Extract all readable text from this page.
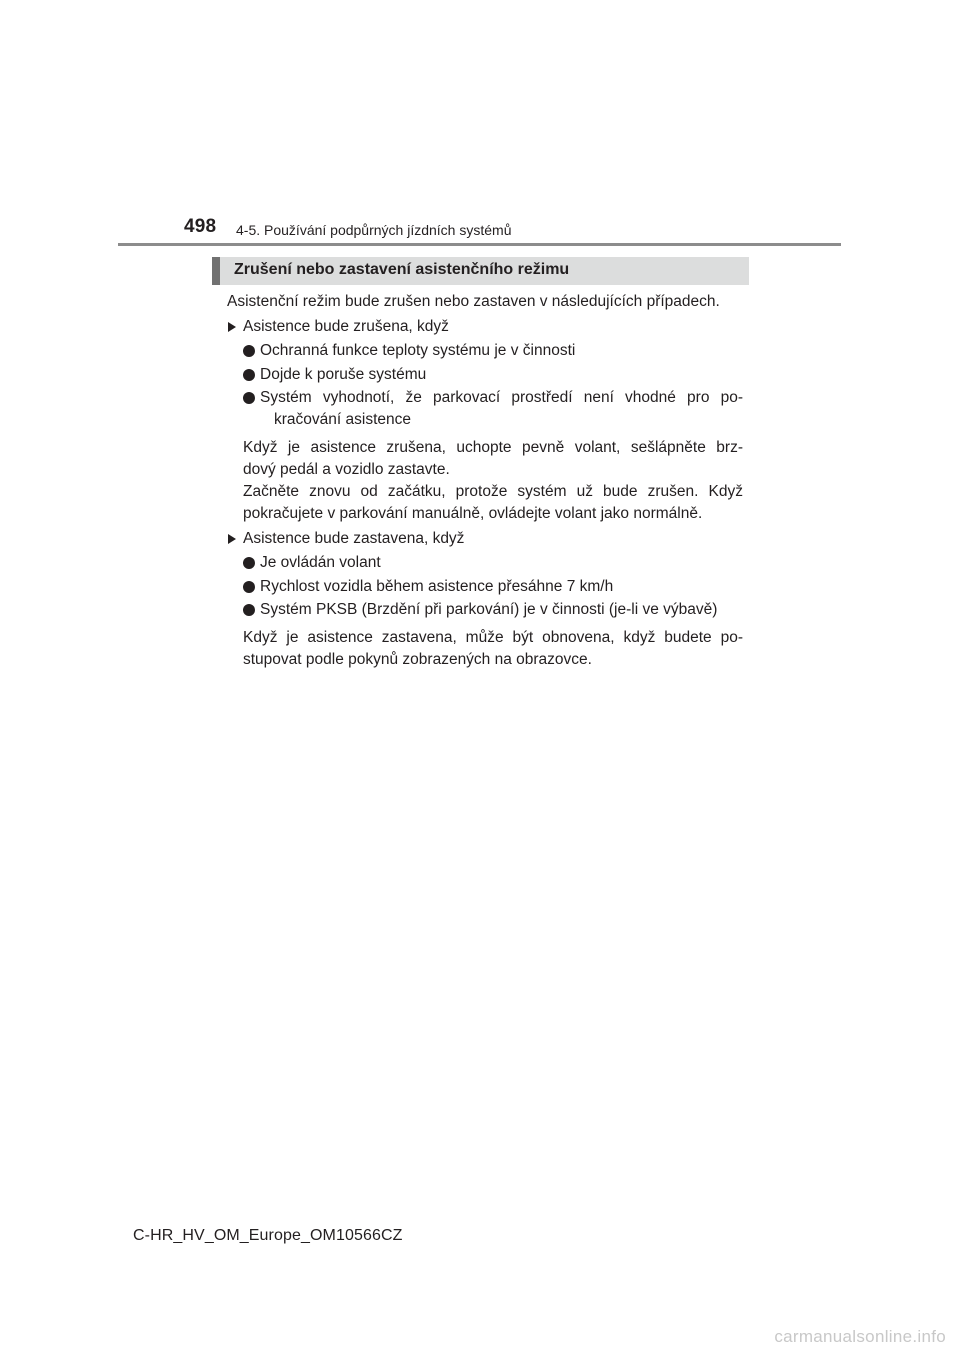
498 4-5. Používání podpůrných jízdních systémů
Zrušení nebo zastavení asistenčního režimu
Asistenční režim bude zrušen nebo zastaven v následujících případech.
Asistence bude zrušena, když
Ochranná funkce teploty systému je v činnosti
Dojde k poruše systému
Systém vyhodnotí, že parkovací prostředí není vhodné pro po-
kračování asistence
Když je asistence zrušena, uchopte pevně volant, sešlápněte brz-
dový pedál a vozidlo zastavte.
Začněte znovu od začátku, protože systém už bude zrušen. Když
pokračujete v parkování manuálně, ovládejte volant jako normálně.
Asistence bude zastavena, když
Je ovládán volant
Rychlost vozidla během asistence přesáhne 7 km/h
Systém PKSB (Brzdění při parkování) je v činnosti (je-li ve výbavě)
Když je asistence zastavena, může být obnovena, když budete po-
stupovat podle pokynů zobrazených na obrazovce.
C-HR_HV_OM_Europe_OM10566CZ
carmanualsonline.info
